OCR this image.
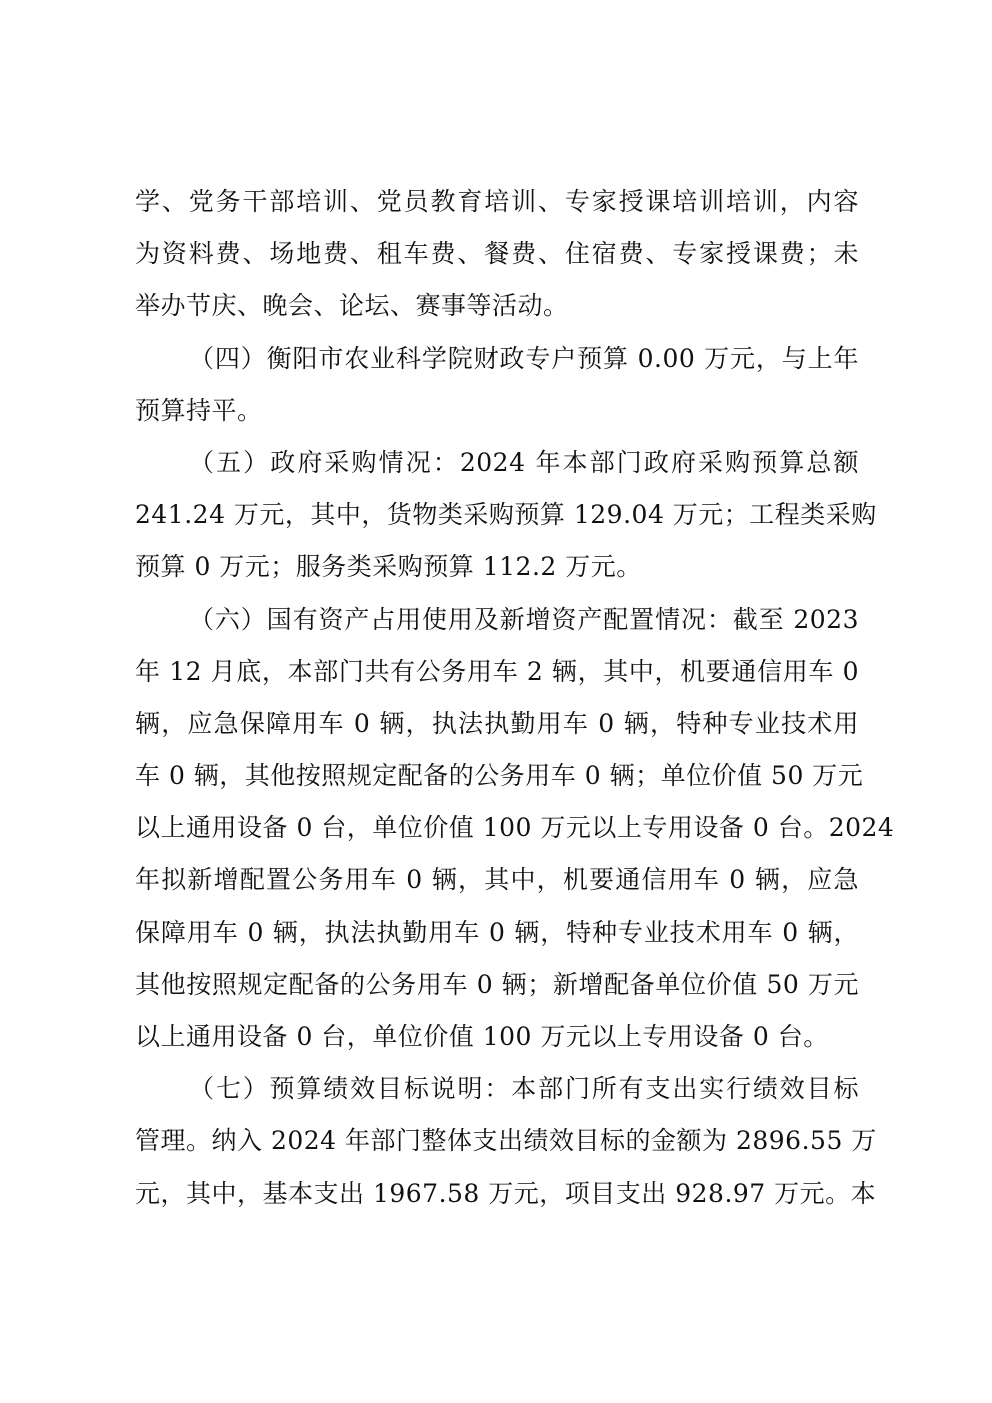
学、党务干部培训、党员教育培训、专家授课培训培训，内容
为资料费、场地费、租车费、餐费、住宿费、专家授课费；未
举办节庆、晚会、论坛、赛事等活动。
（四）衡阳市农业科学院财政专户预算 0.00 万元，与上年
预算持平。
（五）政府采购情况：2024 年本部门政府采购预算总额
241.24 万元，其中，货物类采购预算 129.04 万元；工程类采购
预算 0 万元；服务类采购预算 112.2 万元。
（六）国有资产占用使用及新增资产配置情况：截至 2023
年 12 月底，本部门共有公务用车 2 辆，其中，机要通信用车 0
辆，应急保障用车 0 辆，执法执勤用车 0 辆，特种专业技术用
车 0 辆，其他按照规定配备的公务用车 0 辆；单位价值 50 万元
以上通用设备 0 台，单位价值 100 万元以上专用设备 0 台。2024
年拟新增配置公务用车 0 辆，其中，机要通信用车 0 辆，应急
保障用车 0 辆，执法执勤用车 0 辆，特种专业技术用车 0 辆，
其他按照规定配备的公务用车 0 辆；新增配备单位价值 50 万元
以上通用设备 0 台，单位价值 100 万元以上专用设备 0 台。
（七）预算绩效目标说明：本部门所有支出实行绩效目标
管理。纳入 2024 年部门整体支出绩效目标的金额为 2896.55 万
元，其中，基本支出 1967.58 万元，项目支出 928.97 万元。本
